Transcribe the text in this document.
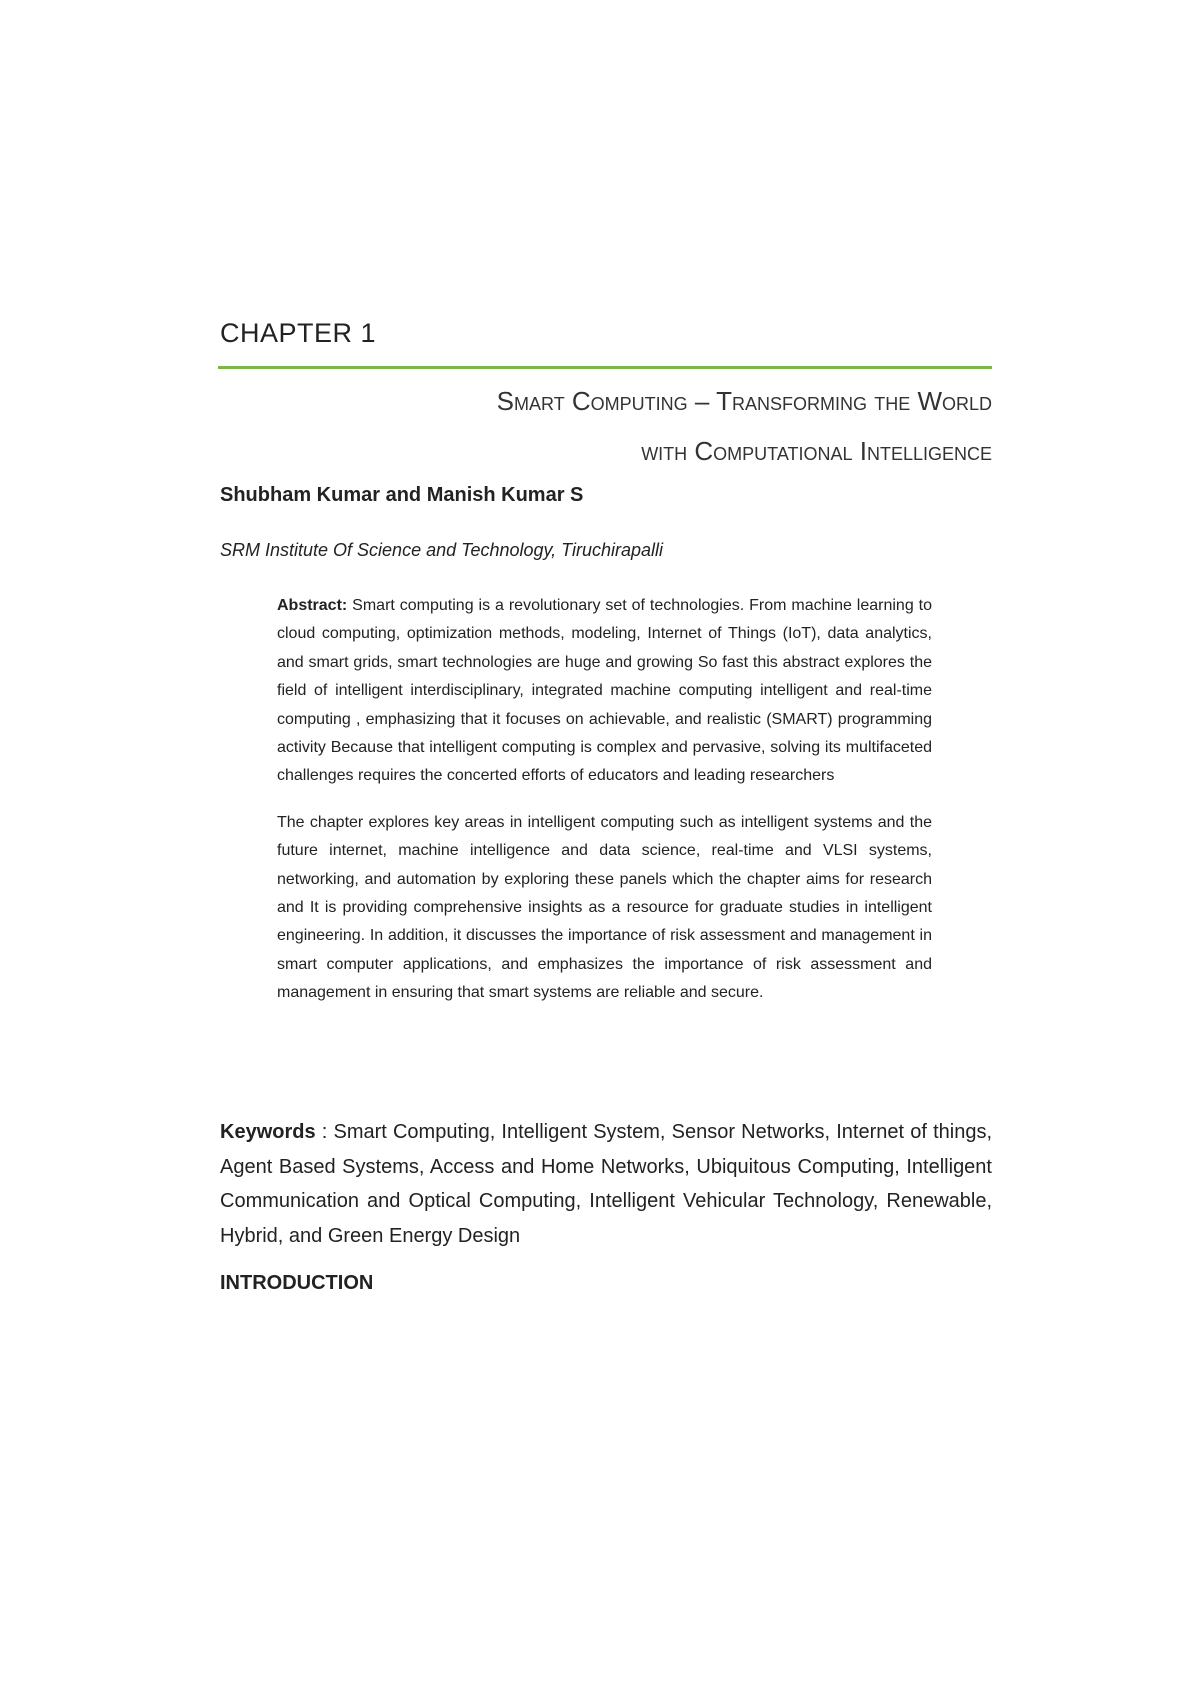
CHAPTER 1
Smart Computing – Transforming the World
with Computational Intelligence
Shubham Kumar and Manish Kumar S
SRM Institute Of Science and Technology, Tiruchirapalli

Abstract: Smart computing is a revolutionary set of technologies. From machine learning to cloud computing, optimization methods, modeling, Internet of Things (IoT), data analytics, and smart grids, smart technologies are huge and growing So fast this abstract explores the field of intelligent interdisciplinary, integrated machine computing intelligent and real-time computing , emphasizing that it focuses on achievable, and realistic (SMART) programming activity Because that intelligent computing is complex and pervasive, solving its multifaceted challenges requires the concerted efforts of educators and leading researchers

The chapter explores key areas in intelligent computing such as intelligent systems and the future internet, machine intelligence and data science, real-time and VLSI systems, networking, and automation by exploring these panels which the chapter aims for research and It is providing comprehensive insights as a resource for graduate studies in intelligent engineering. In addition, it discusses the importance of risk assessment and management in smart computer applications, and emphasizes the importance of risk assessment and management in ensuring that smart systems are reliable and secure.

Keywords : Smart Computing, Intelligent System, Sensor Networks, Internet of things, Agent Based Systems, Access and Home Networks, Ubiquitous Computing, Intelligent Communication and Optical Computing, Intelligent Vehicular Technology, Renewable, Hybrid, and Green Energy Design
INTRODUCTION
